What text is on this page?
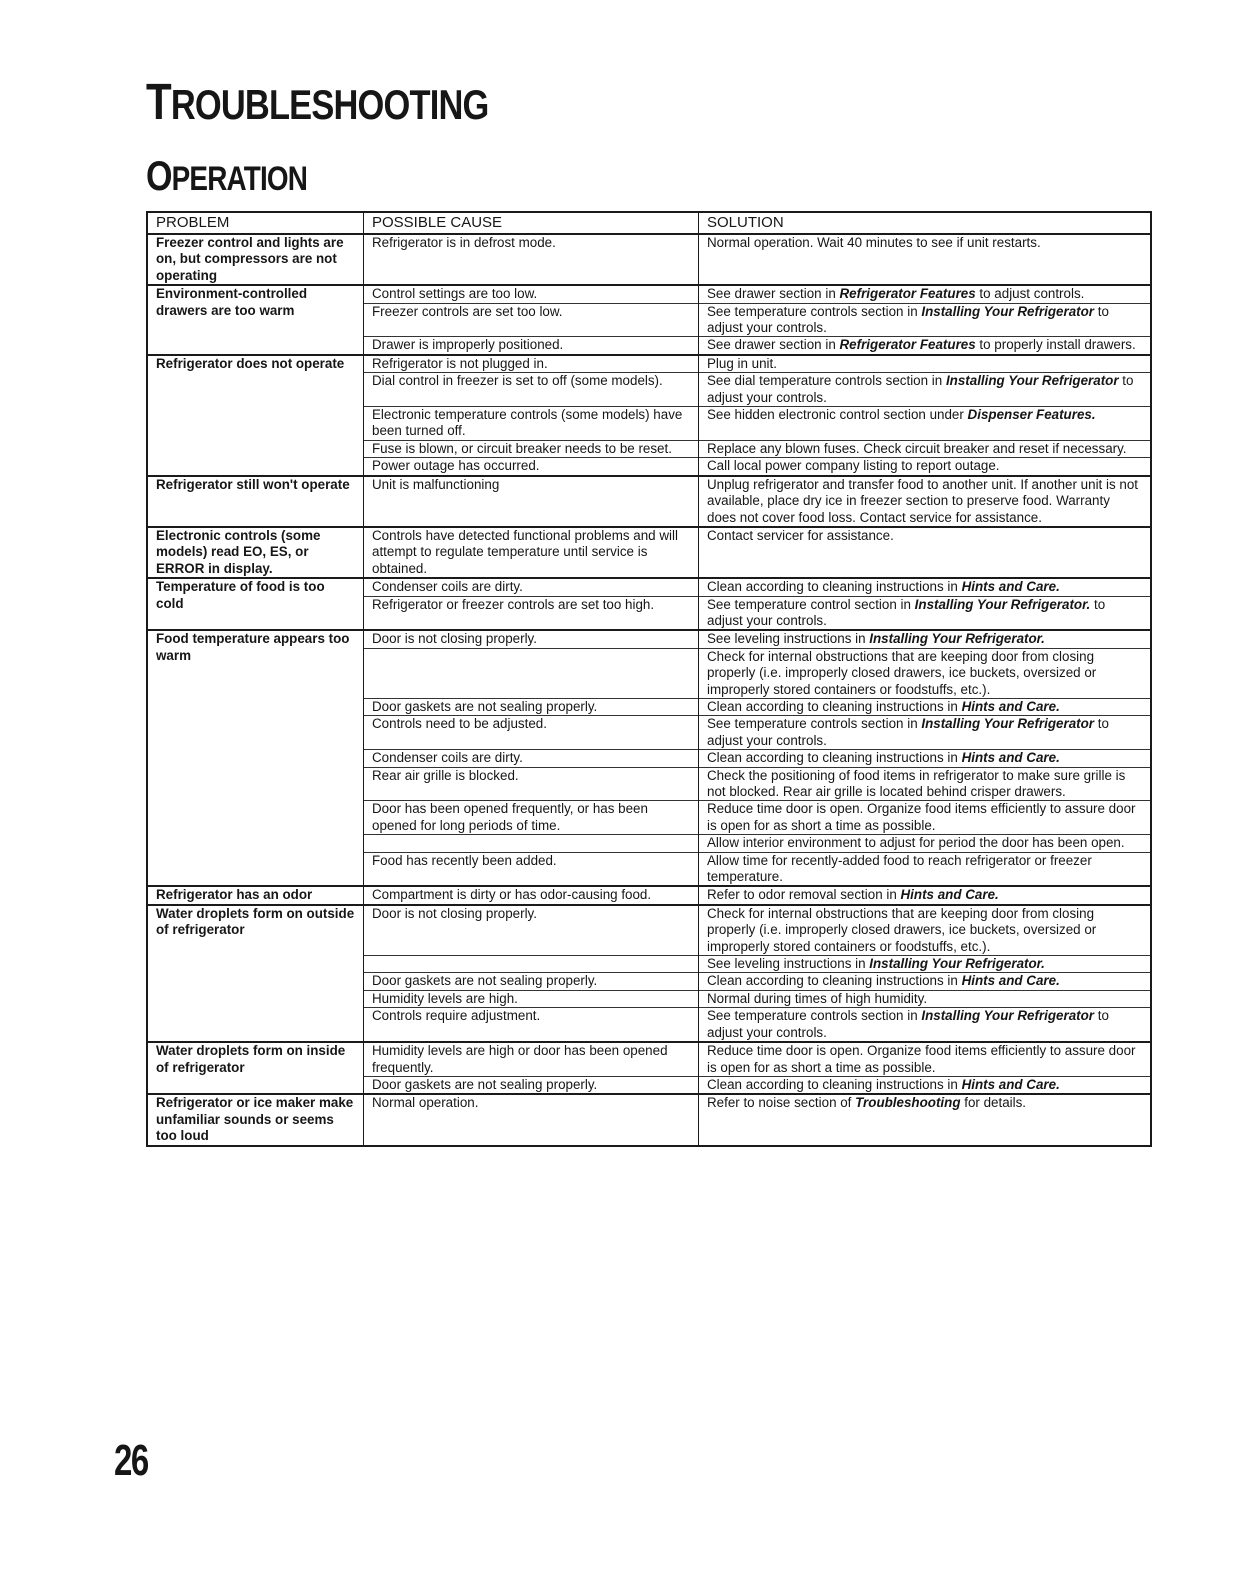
TROUBLESHOOTING
OPERATION
PROBLEM	POSSIBLE CAUSE	SOLUTION
Freezer control and lights are on, but compressors are not operating	Refrigerator is in defrost mode.	Normal operation. Wait 40 minutes to see if unit restarts.
Environment-controlled drawers are too warm	Control settings are too low.	See drawer section in Refrigerator Features to adjust controls.
	Freezer controls are set too low.	See temperature controls section in Installing Your Refrigerator to adjust your controls.
	Drawer is improperly positioned.	See drawer section in Refrigerator Features to properly install drawers.
Refrigerator does not operate	Refrigerator is not plugged in.	Plug in unit.
	Dial control in freezer is set to off (some models).	See dial temperature controls section in Installing Your Refrigerator to adjust your controls.
	Electronic temperature controls (some models) have been turned off.	See hidden electronic control section under Dispenser Features.
	Fuse is blown, or circuit breaker needs to be reset.	Replace any blown fuses. Check circuit breaker and reset if necessary.
	Power outage has occurred.	Call local power company listing to report outage.
Refrigerator still won't operate	Unit is malfunctioning	Unplug refrigerator and transfer food to another unit. If another unit is not available, place dry ice in freezer section to preserve food. Warranty does not cover food loss. Contact service for assistance.
Electronic controls (some models) read EO, ES, or ERROR in display.	Controls have detected functional problems and will attempt to regulate temperature until service is obtained.	Contact servicer for assistance.
Temperature of food is too cold	Condenser coils are dirty.	Clean according to cleaning instructions in Hints and Care.
	Refrigerator or freezer controls are set too high.	See temperature control section in Installing Your Refrigerator. to adjust your controls.
Food temperature appears too warm	Door is not closing properly.	See leveling instructions in Installing Your Refrigerator.
		Check for internal obstructions that are keeping door from closing properly (i.e. improperly closed drawers, ice buckets, oversized or improperly stored containers or foodstuffs, etc.).
	Door gaskets are not sealing properly.	Clean according to cleaning instructions in Hints and Care.
	Controls need to be adjusted.	See temperature controls section in Installing Your Refrigerator to adjust your controls.
	Condenser coils are dirty.	Clean according to cleaning instructions in Hints and Care.
	Rear air grille is blocked.	Check the positioning of food items in refrigerator to make sure grille is not blocked. Rear air grille is located behind crisper drawers.
	Door has been opened frequently, or has been opened for long periods of time.	Reduce time door is open. Organize food items efficiently to assure door is open for as short a time as possible.
		Allow interior environment to adjust for period the door has been open.
	Food has recently been added.	Allow time for recently-added food to reach refrigerator or freezer temperature.
Refrigerator has an odor	Compartment is dirty or has odor-causing food.	Refer to odor removal section in Hints and Care.
Water droplets form on outside of refrigerator	Door is not closing properly.	Check for internal obstructions that are keeping door from closing properly (i.e. improperly closed drawers, ice buckets, oversized or improperly stored containers or foodstuffs, etc.).
		See leveling instructions in Installing Your Refrigerator.
	Door gaskets are not sealing properly.	Clean according to cleaning instructions in Hints and Care.
	Humidity levels are high.	Normal during times of high humidity.
	Controls require adjustment.	See temperature controls section in Installing Your Refrigerator to adjust your controls.
Water droplets form on inside of refrigerator	Humidity levels are high or door has been opened frequently.	Reduce time door is open. Organize food items efficiently to assure door is open for as short a time as possible.
	Door gaskets are not sealing properly.	Clean according to cleaning instructions in Hints and Care.
Refrigerator or ice maker make unfamiliar sounds or seems too loud	Normal operation.	Refer to noise section of Troubleshooting for details.
26
